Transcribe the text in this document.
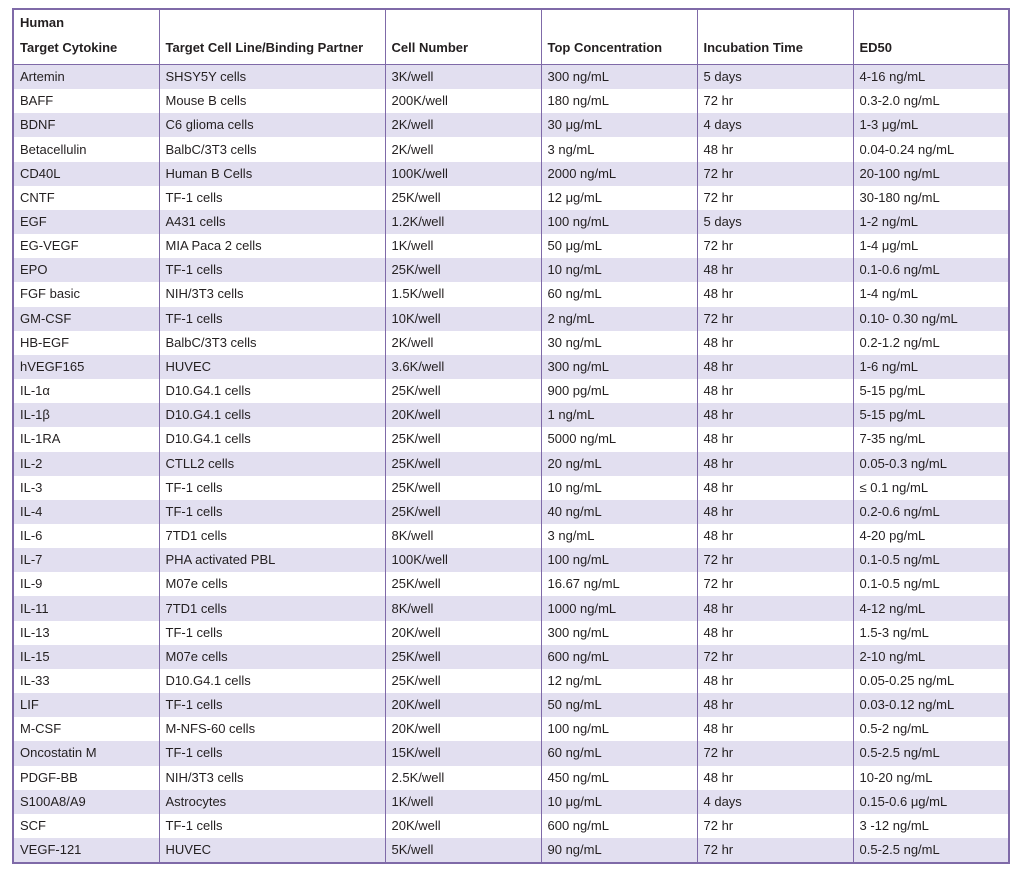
Human
Target Cytokine	Target Cell Line/Binding Partner	Cell Number	Top Concentration	Incubation Time	ED50

Artemin	SHSY5Y cells	3K/well	300 ng/mL	5 days	4-16 ng/mL
BAFF	Mouse B cells	200K/well	180 ng/mL	72 hr	0.3-2.0 ng/mL
BDNF	C6 glioma cells	2K/well	30 μg/mL	4 days	1-3 μg/mL
Betacellulin	BalbC/3T3 cells	2K/well	3 ng/mL	48 hr	0.04-0.24 ng/mL
CD40L	Human B Cells	100K/well	2000 ng/mL	72 hr	20-100 ng/mL
CNTF	TF-1 cells	25K/well	12 μg/mL	72 hr	30-180 ng/mL
EGF	A431 cells	1.2K/well	100 ng/mL	5 days	1-2 ng/mL
EG-VEGF	MIA Paca 2 cells	1K/well	50 μg/mL	72 hr	1-4 μg/mL
EPO	TF-1 cells	25K/well	10 ng/mL	48 hr	0.1-0.6 ng/mL
FGF basic	NIH/3T3 cells	1.5K/well	60 ng/mL	48 hr	1-4 ng/mL
GM-CSF	TF-1 cells	10K/well	2 ng/mL	72 hr	0.10- 0.30 ng/mL
HB-EGF	BalbC/3T3 cells	2K/well	30 ng/mL	48 hr	0.2-1.2 ng/mL
hVEGF165	HUVEC	3.6K/well	300 ng/mL	48 hr	1-6 ng/mL
IL-1α	D10.G4.1 cells	25K/well	900 pg/mL	48 hr	5-15 pg/mL
IL-1β	D10.G4.1 cells	20K/well	1 ng/mL	48 hr	5-15 pg/mL
IL-1RA	D10.G4.1 cells	25K/well	5000 ng/mL	48 hr	7-35 ng/mL
IL-2	CTLL2 cells	25K/well	20 ng/mL	48 hr	0.05-0.3 ng/mL
IL-3	TF-1 cells	25K/well	10 ng/mL	48 hr	≤ 0.1 ng/mL
IL-4	TF-1 cells	25K/well	40 ng/mL	48 hr	0.2-0.6 ng/mL
IL-6	7TD1 cells	8K/well	3 ng/mL	48 hr	4-20 pg/mL
IL-7	PHA activated PBL	100K/well	100 ng/mL	72 hr	0.1-0.5 ng/mL
IL-9	M07e cells	25K/well	16.67 ng/mL	72 hr	0.1-0.5 ng/mL
IL-11	7TD1 cells	8K/well	1000 ng/mL	48 hr	4-12 ng/mL
IL-13	TF-1 cells	20K/well	300 ng/mL	48 hr	1.5-3 ng/mL
IL-15	M07e cells	25K/well	600 ng/mL	72 hr	2-10 ng/mL
IL-33	D10.G4.1 cells	25K/well	12 ng/mL	48 hr	0.05-0.25 ng/mL
LIF	TF-1 cells	20K/well	50 ng/mL	48 hr	0.03-0.12 ng/mL
M-CSF	M-NFS-60 cells	20K/well	100 ng/mL	48 hr	0.5-2 ng/mL
Oncostatin M	TF-1 cells	15K/well	60 ng/mL	72 hr	0.5-2.5 ng/mL
PDGF-BB	NIH/3T3 cells	2.5K/well	450 ng/mL	48 hr	10-20 ng/mL
S100A8/A9	Astrocytes	1K/well	10 μg/mL	4 days	0.15-0.6 μg/mL
SCF	TF-1 cells	20K/well	600 ng/mL	72 hr	3 -12 ng/mL
VEGF-121	HUVEC	5K/well	90 ng/mL	72 hr	0.5-2.5 ng/mL
